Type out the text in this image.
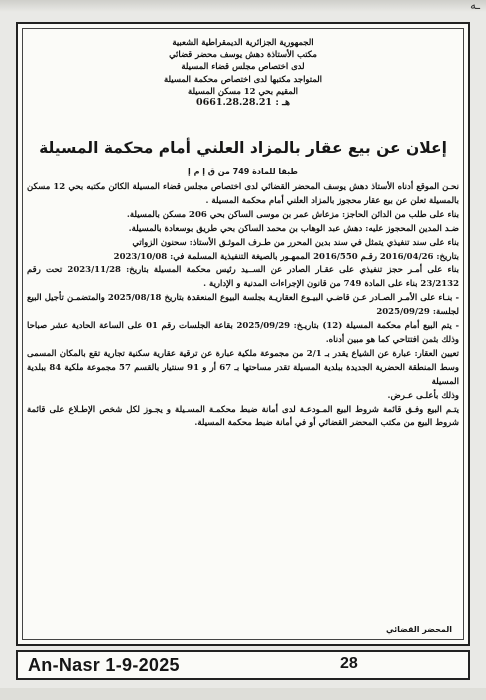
ـه
الجمهورية الجزائرية الديمقراطية الشعبية
مكتب الأستاذة دهش يوسف محضر قضائي
لدى اختصاص مجلس قضاء المسيلة
المتواجد مكتبها لدى اختصاص محكمة المسيلة
المقيم بحي 12 مسكن المسيلة
هـ : 0661.28.28.21
إعلان عن بيع عقار بالمزاد العلني أمام محكمة المسيلة
طبقا للمادة 749 من ق إ م إ

نحـن الموقع أدناه الأستاذ دهش يوسف المحضر القضائي لدى اختصاص مجلس قضاء المسيلة الكائن مكتبه بحي 12 مسكن بالمسيلة تعلن عن بيع عقار محجوز بالمزاد العلني أمام محكمة المسيلة .

بناء على طلب من الدائن الحاجز: مزعاش عمر بن موسى الساكن بحي 206 مسكن بالمسيلة.

ضـد المدين المحجوز عليه: دهش عبد الوهاب بن محمد الساكن بحي طريق بوسعادة بالمسيلة.

بناء على سند تنفيذي يتمثل في سند بدين المحرر من طـرف الموثـق الأستاذ: سحنون الزواتي

بتاريخ: 2016/04/26 رقـم 2016/550 الممهـور بالصيغة التنفيذية المسلمة في: 2023/10/08

بناء على أمـر حجز تنفيذي على عقـار الصادر عن الســيد رئيس محكمة المسيلة بتاريخ: 2023/11/28 تحت رقم 23/2132 بناء على المادة 749 من قانون الإجراءات المدنية و الإدارية .

- بنـاء على الأمـر الصـادر عـن قاضـي البيـوع العقاريـة بجلسة البيوع المنعقدة بتاريخ 2025/08/18 والمتضمـن تأجيل البيع لجلسة: 2025/09/29

- يتم البيع أمام محكمة المسيلة (12) بتاريـخ: 2025/09/29 بقاعة الجلسات رقم 01 على الساعة الحادية عشر صباحا وذلك بثمن افتتاحي كما هو مبين أدناه.

تعيين العقار: عبارة عن الشياع يقدر بـ 2/1 من مجموعة ملكية عبارة عن ترقية عقارية سكنية تجارية تقع بالمكان المسمى وسط المنطقة الحضرية الجديدة ببلدية المسيلة تقدر مساحتها بـ 67 أر و 91 سنتيار بالقسم 57 مجموعة ملكية 84 ببلدية المسيلة

وذلك بأعلـى عـرض.

يتـم البيع وفـق قائمة شروط البيع المـودعـة لدى أمانة ضبط محكمـة المسـيلة و يجـوز لكل شخص الإطـلاع على قائمة شروط البيع من مكتب المحضر القضائي أو في أمانة ضبط محكمة المسيلة.

المحضر القضائي
An-Nasr 1-9-2025	28
